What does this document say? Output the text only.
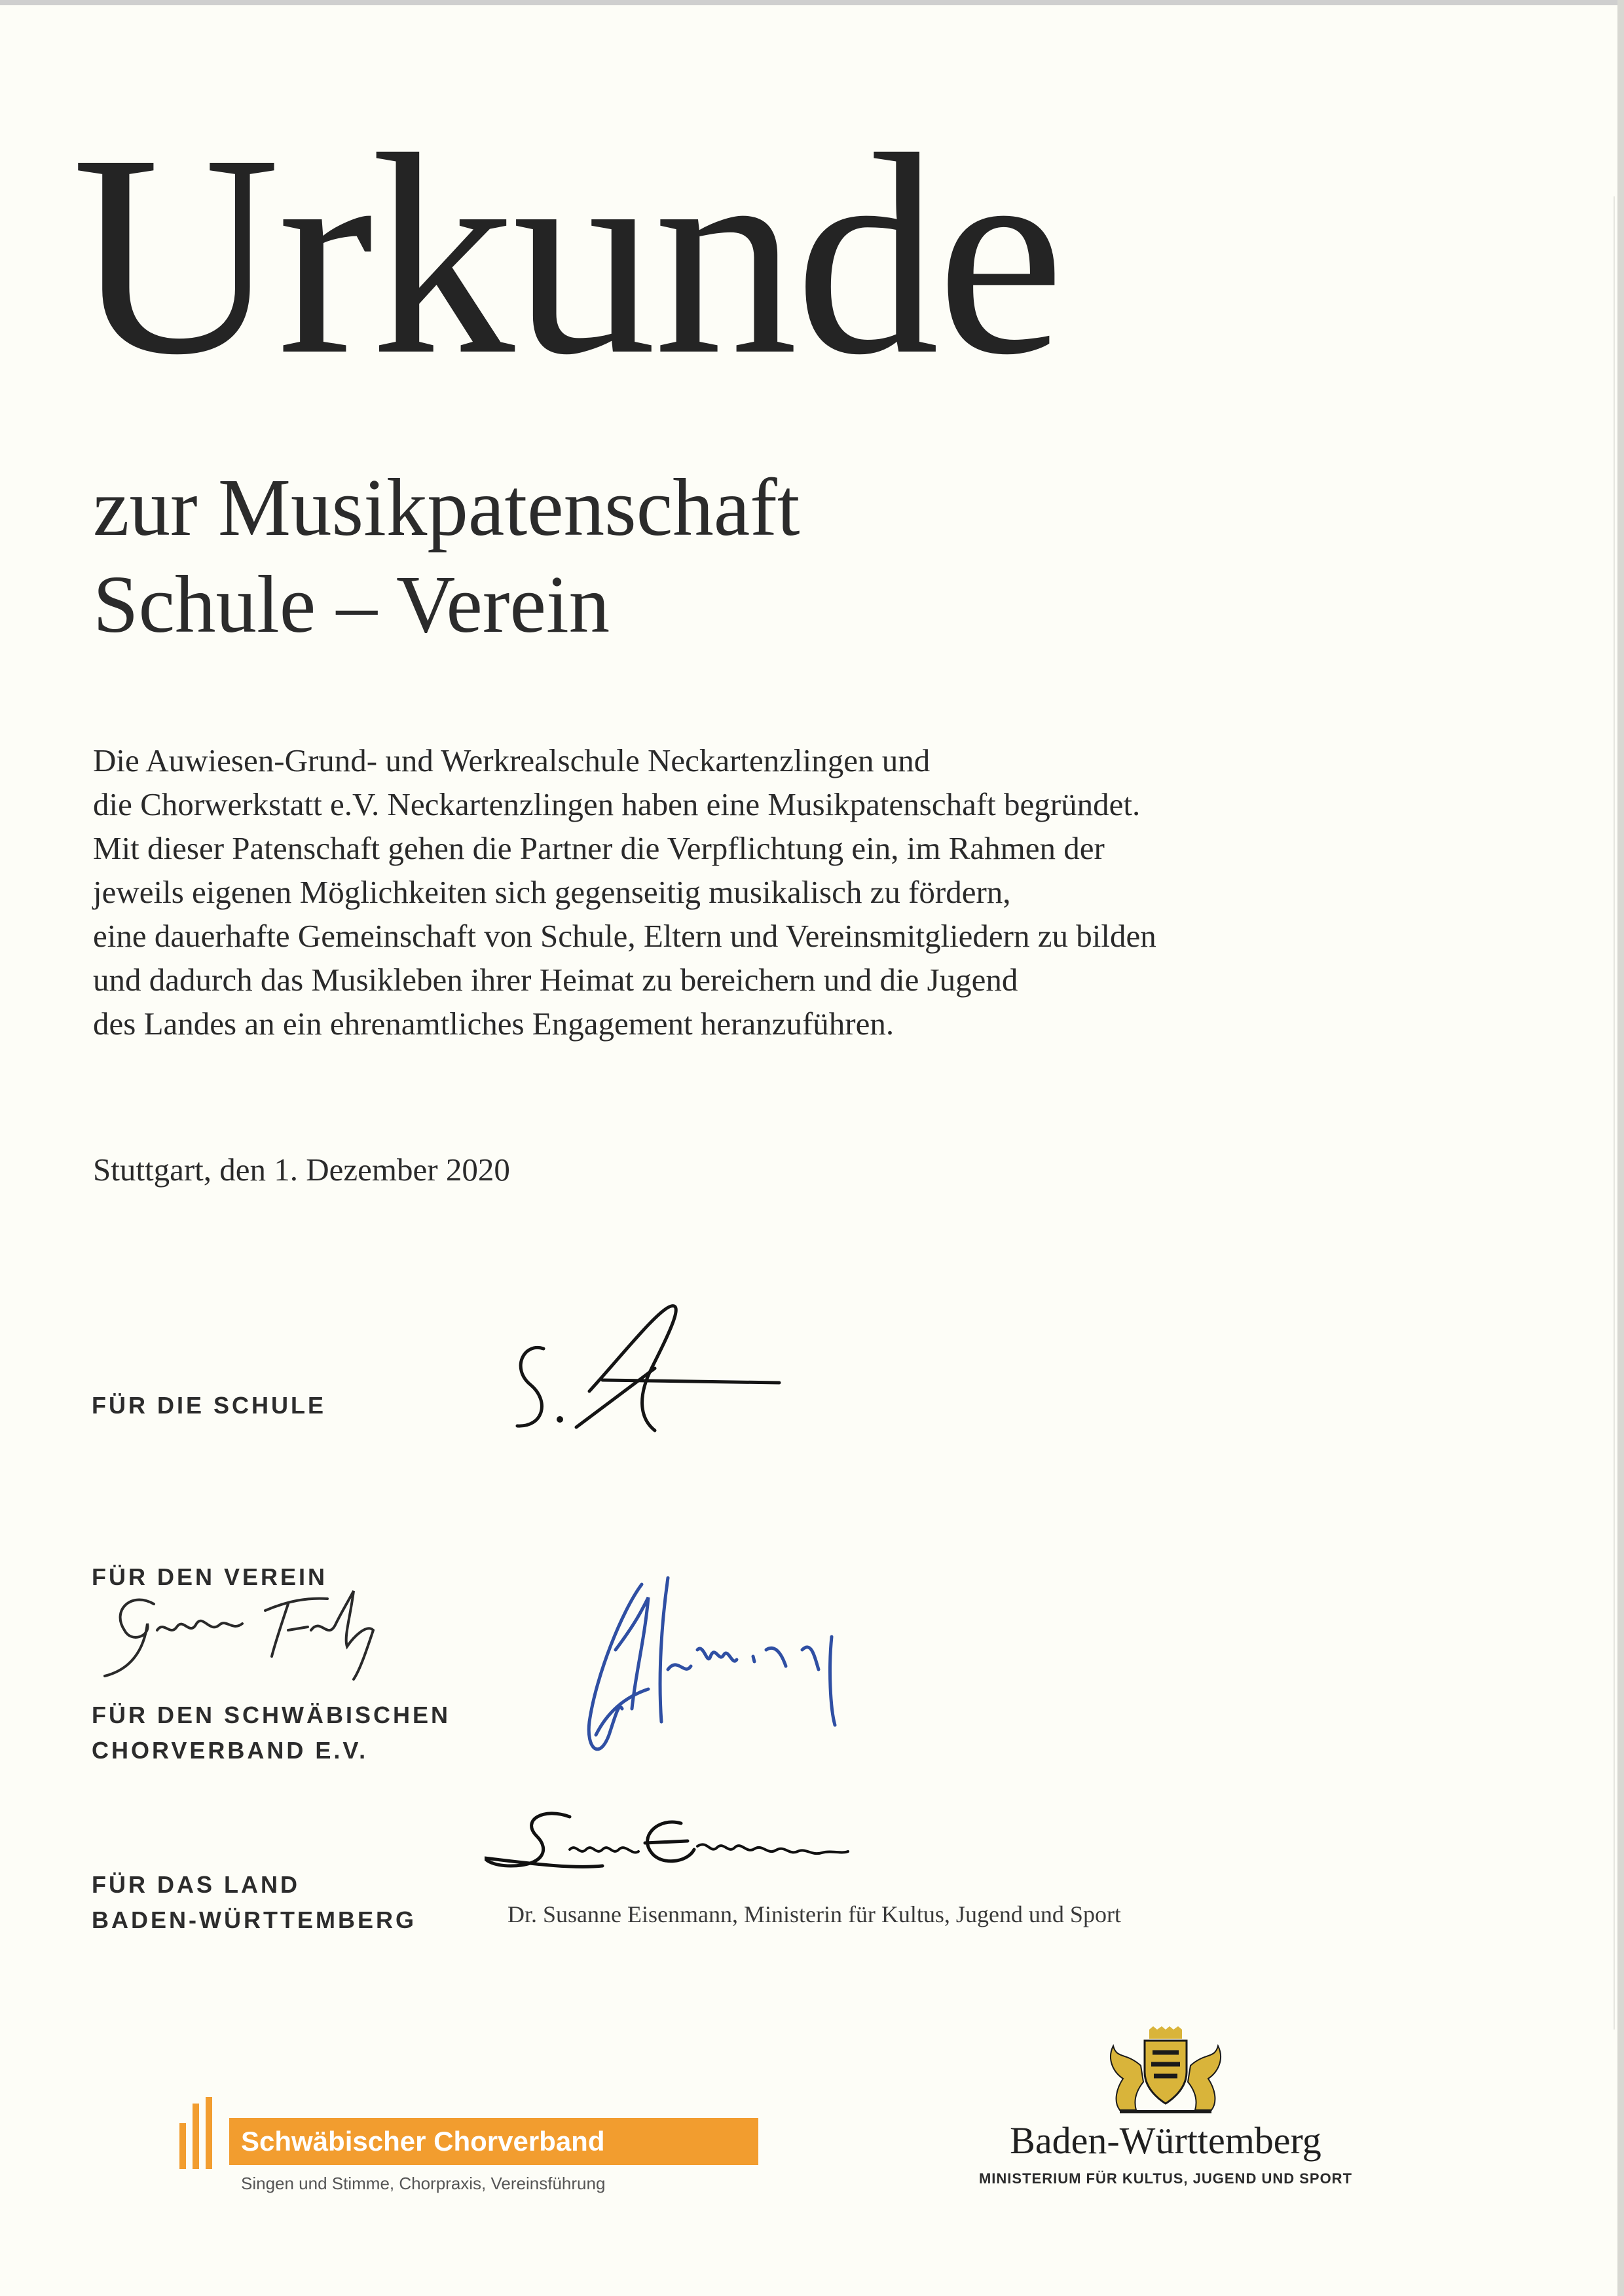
Urkunde
zur Musikpatenschaft
Schule – Verein

Die Auwiesen-Grund- und Werkrealschule Neckartenzlingen und
die Chorwerkstatt e.V. Neckartenzlingen haben eine Musikpatenschaft begründet.
Mit dieser Patenschaft gehen die Partner die Verpflichtung ein, im Rahmen der
jeweils eigenen Möglichkeiten sich gegenseitig musikalisch zu fördern,
eine dauerhafte Gemeinschaft von Schule, Eltern und Vereinsmitgliedern zu bilden
und dadurch das Musikleben ihrer Heimat zu bereichern und die Jugend
des Landes an ein ehrenamtliches Engagement heranzuführen.

Stuttgart, den 1. Dezember 2020
FÜR DIE SCHULE
FÜR DEN VEREIN
FÜR DEN SCHWÄBISCHEN
CHORVERBAND E.V.
FÜR DAS LAND
BADEN-WÜRTTEMBERG	Dr. Susanne Eisenmann, Ministerin für Kultus, Jugend und Sport
Schwäbischer Chorverband
Singen und Stimme, Chorpraxis, Vereinsführung
Baden-Württemberg
MINISTERIUM FÜR KULTUS, JUGEND UND SPORT
